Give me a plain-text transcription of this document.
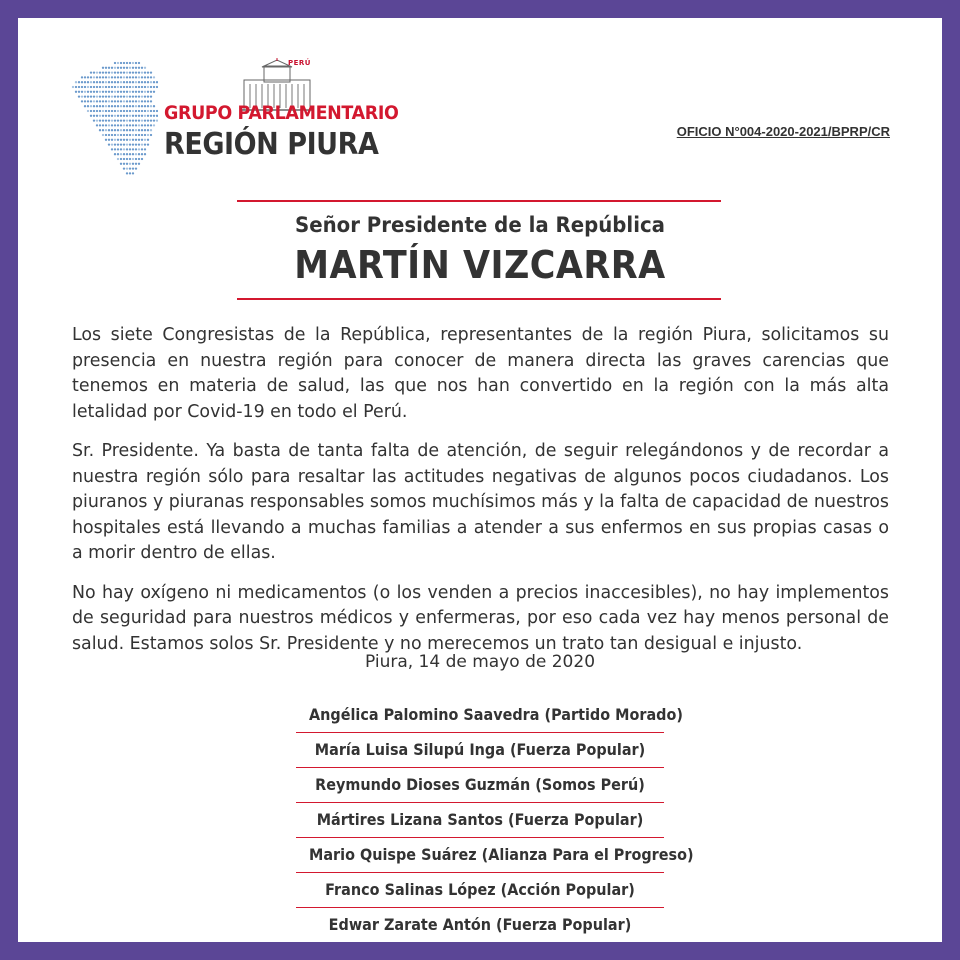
PERÚ
GRUPO PARLAMENTARIO
REGIÓN PIURA	OFICIO N°004-2020-2021/BPRP/CR
Señor Presidente de la República
MARTÍN VIZCARRA

Los siete Congresistas de la República, representantes de la región Piura, solicitamos su presencia en nuestra región para conocer de manera directa las graves carencias que tenemos en materia de salud, las que nos han convertido en la región con la más alta letalidad por Covid-19 en todo el Perú.

Sr. Presidente. Ya basta de tanta falta de atención, de seguir relegándonos y de recordar a nuestra región sólo para resaltar las actitudes negativas de algunos pocos ciudadanos. Los piuranos y piuranas responsables somos muchísimos más y la falta de capacidad de nuestros hospitales está llevando a muchas familias a atender a sus enfermos en sus propias casas o a morir dentro de ellas.

No hay oxígeno ni medicamentos (o los venden a precios inaccesibles), no hay implementos de seguridad para nuestros médicos y enfermeras, por eso cada vez hay menos personal de salud. Estamos solos Sr. Presidente y no merecemos un trato tan desigual e injusto.

Piura, 14 de mayo de 2020
Angélica Palomino Saavedra (Partido Morado)
María Luisa Silupú Inga (Fuerza Popular)
Reymundo Dioses Guzmán (Somos Perú)
Mártires Lizana Santos (Fuerza Popular)
Mario Quispe Suárez (Alianza Para el Progreso)
Franco Salinas López (Acción Popular)
Edwar Zarate Antón (Fuerza Popular)
